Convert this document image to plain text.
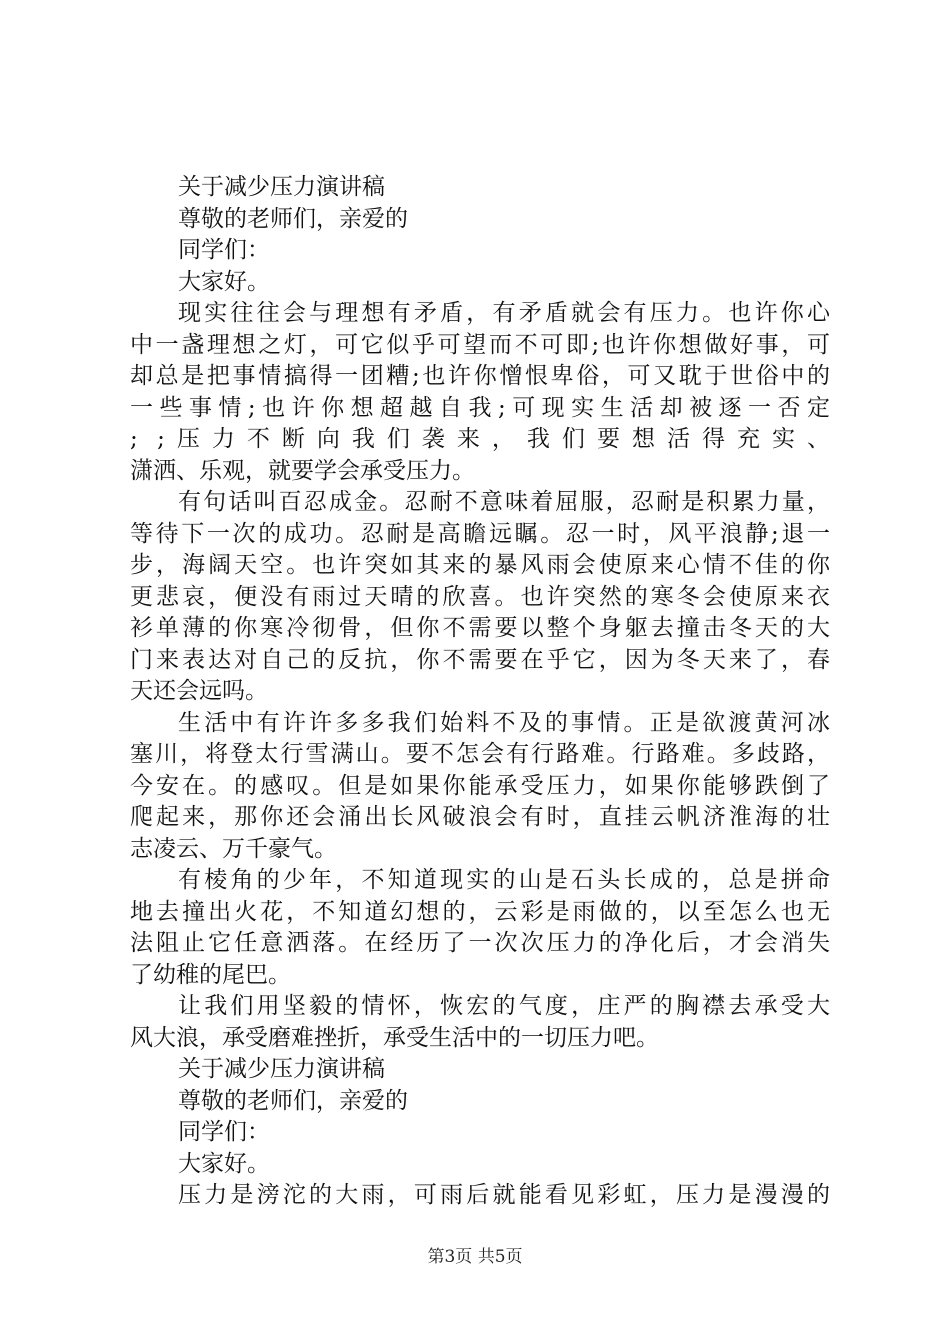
关于减少压力演讲稿
尊敬的老师们，亲爱的
同学们：
大家好。
现实往往会与理想有矛盾，有矛盾就会有压力。也许你心
中一盏理想之灯，可它似乎可望而不可即;也许你想做好事，可
却总是把事情搞得一团糟;也许你憎恨卑俗，可又耽于世俗中的
一些事情;也许你想超越自我;可现实生活却被逐一否定
; ;压力不断向我们袭来，我们要想活得充实、
潇洒、乐观，就要学会承受压力。
有句话叫百忍成金。忍耐不意味着屈服，忍耐是积累力量，
等待下一次的成功。忍耐是高瞻远瞩。忍一时，风平浪静;退一
步，海阔天空。也许突如其来的暴风雨会使原来心情不佳的你
更悲哀，便没有雨过天晴的欣喜。也许突然的寒冬会使原来衣
衫单薄的你寒冷彻骨，但你不需要以整个身躯去撞击冬天的大
门来表达对自己的反抗，你不需要在乎它，因为冬天来了，春
天还会远吗。
生活中有许许多多我们始料不及的事情。正是欲渡黄河冰
塞川，将登太行雪满山。要不怎会有行路难。行路难。多歧路，
今安在。的感叹。但是如果你能承受压力，如果你能够跌倒了
爬起来，那你还会涌出长风破浪会有时，直挂云帆济淮海的壮
志凌云、万千豪气。
有棱角的少年，不知道现实的山是石头长成的，总是拼命
地去撞出火花，不知道幻想的，云彩是雨做的，以至怎么也无
法阻止它任意洒落。在经历了一次次压力的净化后，才会消失
了幼稚的尾巴。
让我们用坚毅的情怀，恢宏的气度，庄严的胸襟去承受大
风大浪，承受磨难挫折，承受生活中的一切压力吧。
关于减少压力演讲稿
尊敬的老师们，亲爱的
同学们：
大家好。
压力是滂沱的大雨，可雨后就能看见彩虹，压力是漫漫的
第3页 共5页
